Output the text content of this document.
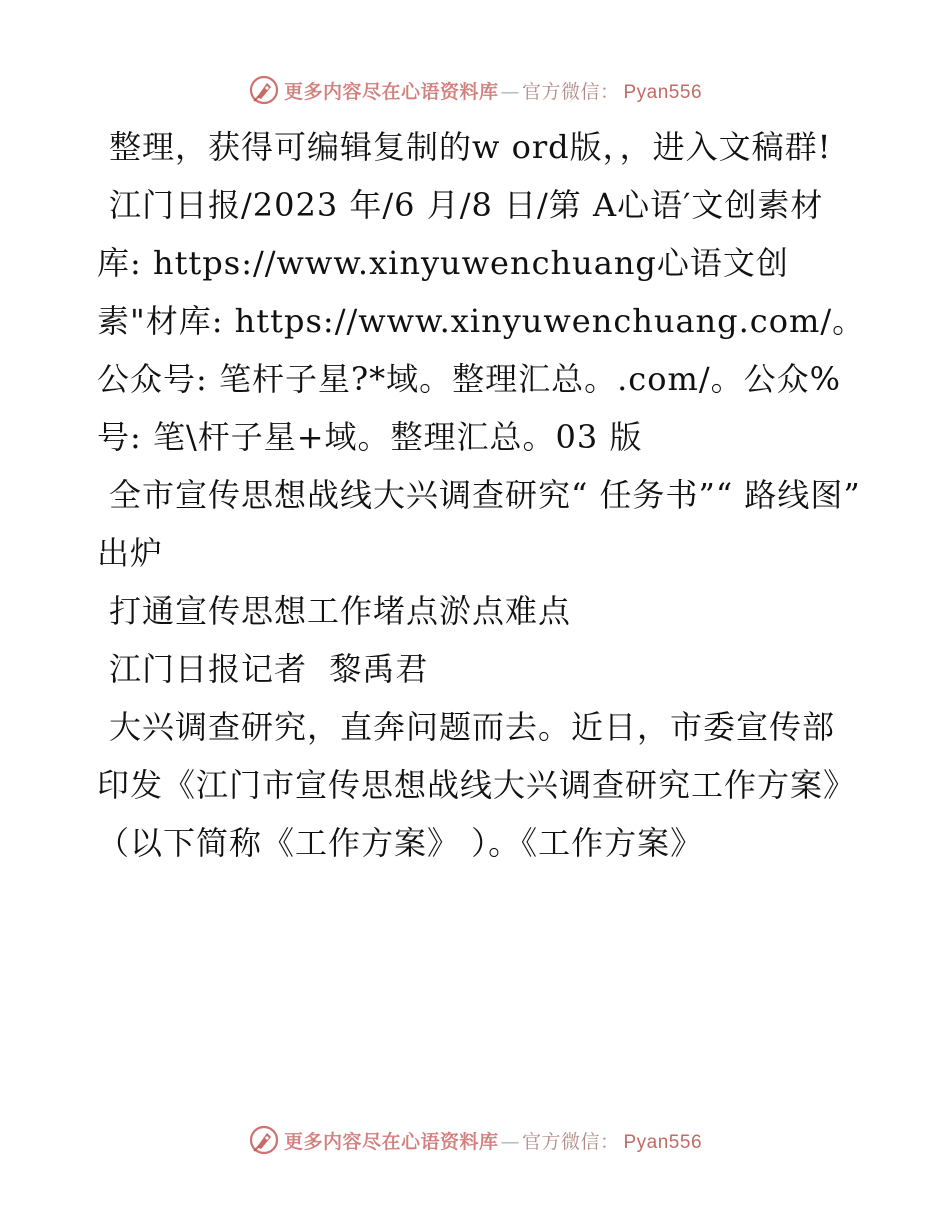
更多内容尽在心语资料库 — 官方微信： Pyan556

整理，获得可编辑复制的w ord版，，进入文稿群!

江门日报/2023 年/6 月/8 日/第 A心语′文创素材库: https://www.xinyuwenchuang心语文创素"材库: https://www.xinyuwenchuang.com/。公众号: 笔杆子星?*域。整理汇总。.com/。公众%号: 笔\杆子星+域。整理汇总。03 版

全市宣传思想战线大兴调查研究“ 任务书”“ 路线图” 出炉

打通宣传思想工作堵点淤点难点

江门日报记者  黎禹君

大兴调查研究，直奔问题而去。近日，市委宣传部印发《江门市宣传思想战线大兴调查研究工作方案》（以下简称《工作方案》 ）。《工作方案》

更多内容尽在心语资料库 — 官方微信： Pyan556
